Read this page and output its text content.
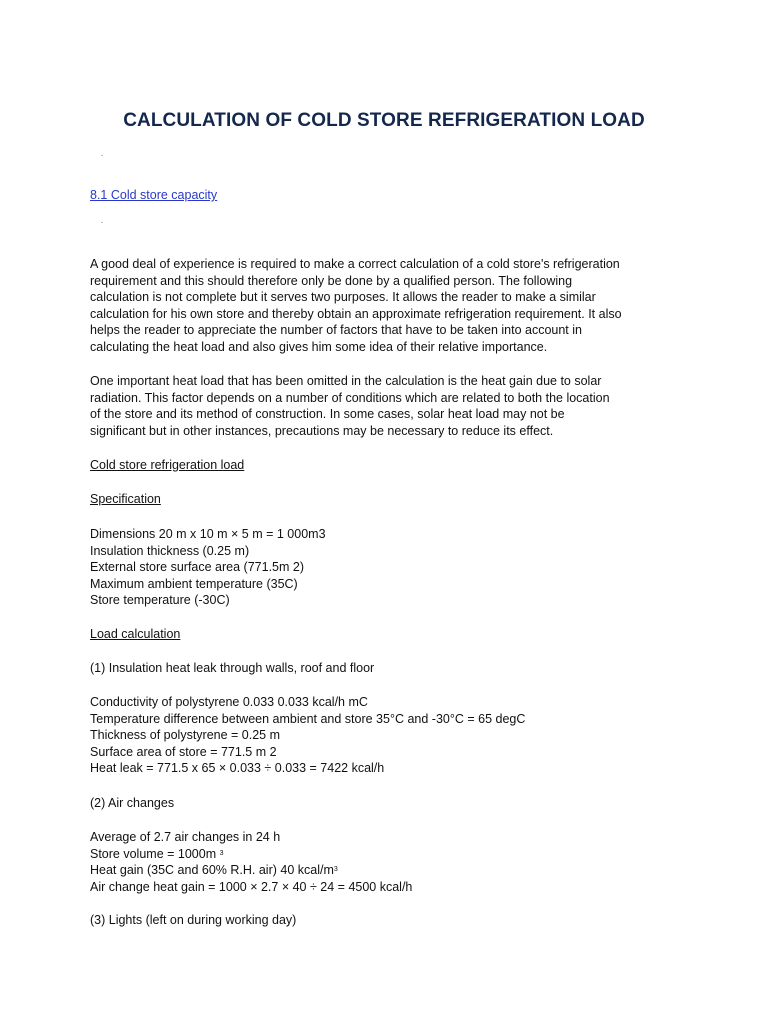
CALCULATION OF COLD STORE REFRIGERATION LOAD
8.1 Cold store capacity

A good deal of experience is required to make a correct calculation of a cold store's refrigeration
requirement and this should therefore only be done by a qualified person. The following
calculation is not complete but it serves two purposes. It allows the reader to make a similar
calculation for his own store and thereby obtain an approximate refrigeration requirement. It also
helps the reader to appreciate the number of factors that have to be taken into account in
calculating the heat load and also gives him some idea of their relative importance.

One important heat load that has been omitted in the calculation is the heat gain due to solar
radiation. This factor depends on a number of conditions which are related to both the location
of the store and its method of construction. In some cases, solar heat load may not be
significant but in other instances, precautions may be necessary to reduce its effect.

Cold store refrigeration load

Specification

Dimensions 20 m x 10 m × 5 m = 1 000m3
Insulation thickness (0.25 m)
External store surface area (771.5m 2)
Maximum ambient temperature (35C)
Store temperature (-30C)

Load calculation

(1) Insulation heat leak through walls, roof and floor

Conductivity of polystyrene 0.033 0.033 kcal/h mC
Temperature difference between ambient and store 35°C and -30°C = 65 degC
Thickness of polystyrene = 0.25 m
Surface area of store = 771.5 m 2
Heat leak = 771.5 x 65 × 0.033 ÷ 0.033 = 7422 kcal/h

(2) Air changes

Average of 2.7 air changes in 24 h
Store volume = 1000m $^3$
Heat gain (35C and 60% R.H. air) 40 kcal/$m^3$
Air change heat gain = 1000 × 2.7 × 40 ÷ 24 = 4500 kcal/h

(3) Lights (left on during working day)
